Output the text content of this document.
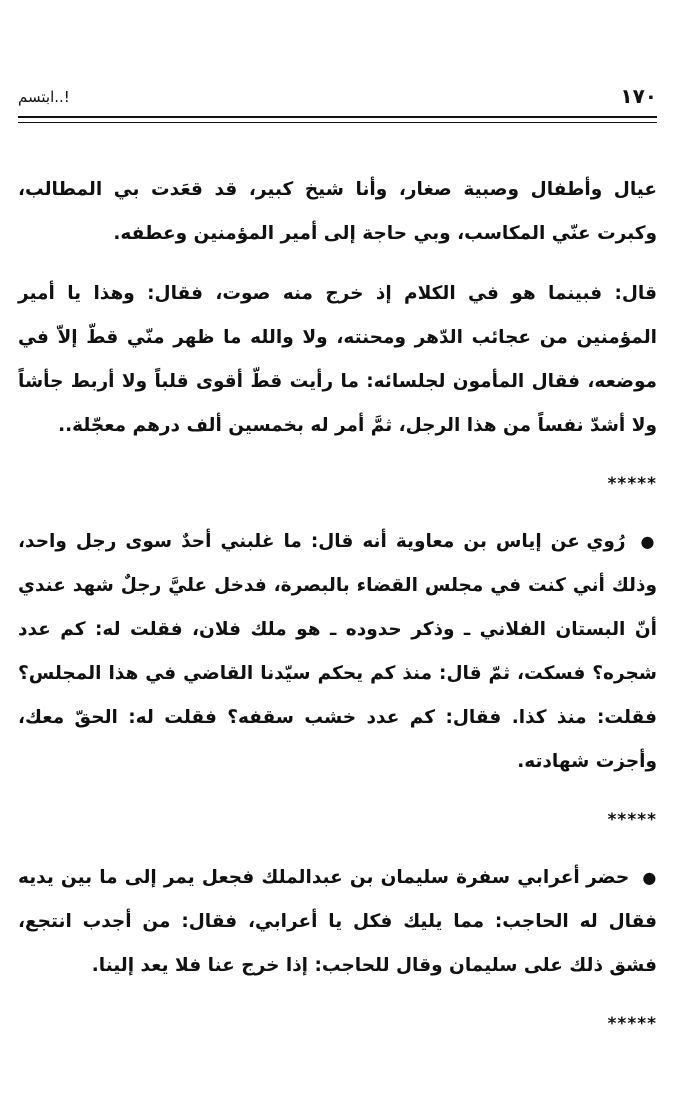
١٧٠
ابتسم..!

عيال وأطفال وصبية صغار، وأنا شيخ كبير، قد قعَدت بي المطالب، وكبرت عنّي المكاسب، وبي حاجة إلى أمير المؤمنين وعطفه.

قال: فبينما هو في الكلام إذ خرج منه صوت، فقال: وهذا يا أمير المؤمنين من عجائب الدّهر ومحنته، ولا والله ما ظهر منّي قطّ إلاّ في موضعه، فقال المأمون لجلسائه: ما رأيت قطّ أقوى قلباً ولا أربط جأشاً ولا أشدّ نفساً من هذا الرجل، ثمَّ أمر له بخمسين ألف درهم معجّلة..

*****

● رُوي عن إياس بن معاوية أنه قال: ما غلبني أحدٌ سوى رجل واحد، وذلك أني كنت في مجلس القضاء بالبصرة، فدخل عليَّ رجلٌ شهد عندي أنّ البستان الفلاني ـ وذكر حدوده ـ هو ملك فلان، فقلت له: كم عدد شجره؟ فسكت، ثمّ قال: منذ كم يحكم سيّدنا القاضي في هذا المجلس؟ فقلت: منذ كذا. فقال: كم عدد خشب سقفه؟ فقلت له: الحقّ معك، وأجزت شهادته.

*****

● حضر أعرابي سفرة سليمان بن عبدالملك فجعل يمر إلى ما بين يديه فقال له الحاجب: مما يليك فكل يا أعرابي، فقال: من أجدب انتجع، فشق ذلك على سليمان وقال للحاجب: إذا خرج عنا فلا يعد إلينا.

*****
